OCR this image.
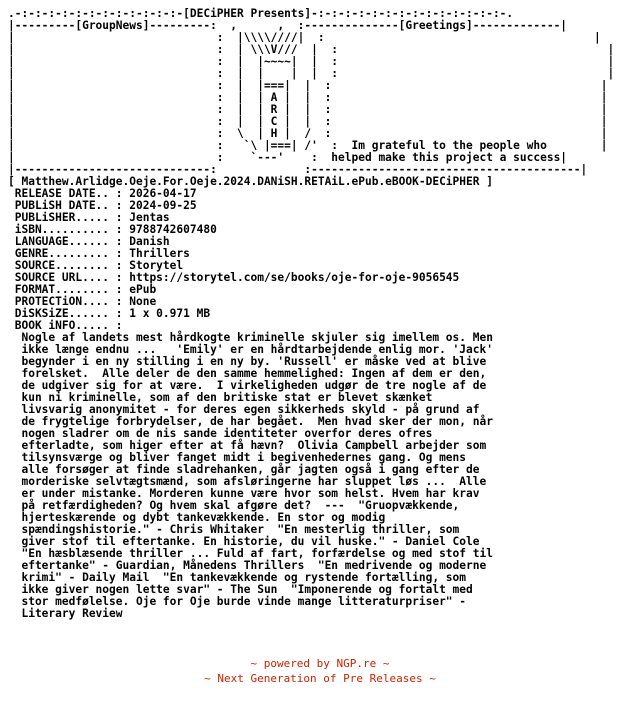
.-:-:-:-:-:-:-:-:-:-:-:-:-[DECiPHER Presents]-:-:-:-:-:-:-:-:-:-:-:-:-:-:-.
|---------[GroupNews]---------:  ,      ,  :--------------[Greetings]-------------|
|                              :  |\\\\////|  :                                        |
|                              :  | \\\V///  |  :                                        |
|                              :  |  |~~~~|  |  :                                        |
|                              :  |  |    |  |  :                                        |
|                              :  |  |===|  |  :                                        |
|                              :  |  | A |  |  :                                        |
|                              :  |  | R |  |  :                                        |
|                              :  |  | C |  |  :                                        |
|                              :  \  | H |  /  :                                        |
|                              :   `\ |===| /'  :  Im grateful to the people who        |
|                              :    `---'    :  helped make this project a success|
|-----------------------------:             :----------------------------------------|
[ Matthew.Arlidge.Oeje.For.Oeje.2024.DANiSH.RETAiL.ePub.eBOOK-DECiPHER ]
RELEASE DATE.. : 2026-04-17
PUBLiSH DATE.. : 2024-09-25
PUBLiSHER..... : Jentas
iSBN.......... : 9788742607480
LANGUAGE...... : Danish
GENRE......... : Thrillers
SOURCE........ : Storytel
SOURCE URL.... : https://storytel.com/se/books/oje-for-oje-9056545
FORMAT........ : ePub
PROTECTiON.... : None
DiSKSiZE...... : 1 x 0.971 MB
BOOK iNFO..... :
Nogle af landets mest hårdkogte kriminelle skjuler sig imellem os. Men
ikke længe endnu ...   'Emily' er en hårdtarbejdende enlig mor. 'Jack'
begynder i en ny stilling i en ny by. 'Russell' er måske ved at blive
forelsket.  Alle deler de den samme hemmelighed: Ingen af dem er den,
de udgiver sig for at være.  I virkeligheden udgør de tre nogle af de
kun ni kriminelle, som af den britiske stat er blevet skænket
livsvarig anonymitet - for deres egen sikkerheds skyld - på grund af
de frygtelige forbrydelser, de har begået.  Men hvad sker der mon, når
nogen sladrer om de nis sande identiteter overfor deres ofres
efterladte, som higer efter at få hævn?  Olivia Campbell arbejder som
tilsynsværge og bliver fanget midt i begivenhedernes gang. Og mens
alle forsøger at finde sladrehanken, går jagten også i gang efter de
morderiske selvtægtsmænd, som afsløringerne har sluppet løs ...  Alle
er under mistanke. Morderen kunne være hvor som helst. Hvem har krav
på retfærdigheden? Og hvem skal afgøre det?  ---  "Gruopvækkende,
hjerteskærende og dybt tankevækkende. En stor og modig
spændingshistorie." - Chris Whitaker  "En mesterlig thriller, som
giver stof til eftertanke. En historie, du vil huske." - Daniel Cole
"En hæsblæsende thriller ... Fuld af fart, forfærdelse og med stof til
eftertanke" - Guardian, Månedens Thrillers  "En medrivende og moderne
krimi" - Daily Mail  "En tankevækkende og rystende fortælling, som
ikke giver nogen lette svar" - The Sun  "Imponerende og fortalt med
stor medfølelse. Oje for Oje burde vinde mange litteraturpriser" -
Literary Review

~ powered by NGP.re ~
~ Next Generation of Pre Releases ~
